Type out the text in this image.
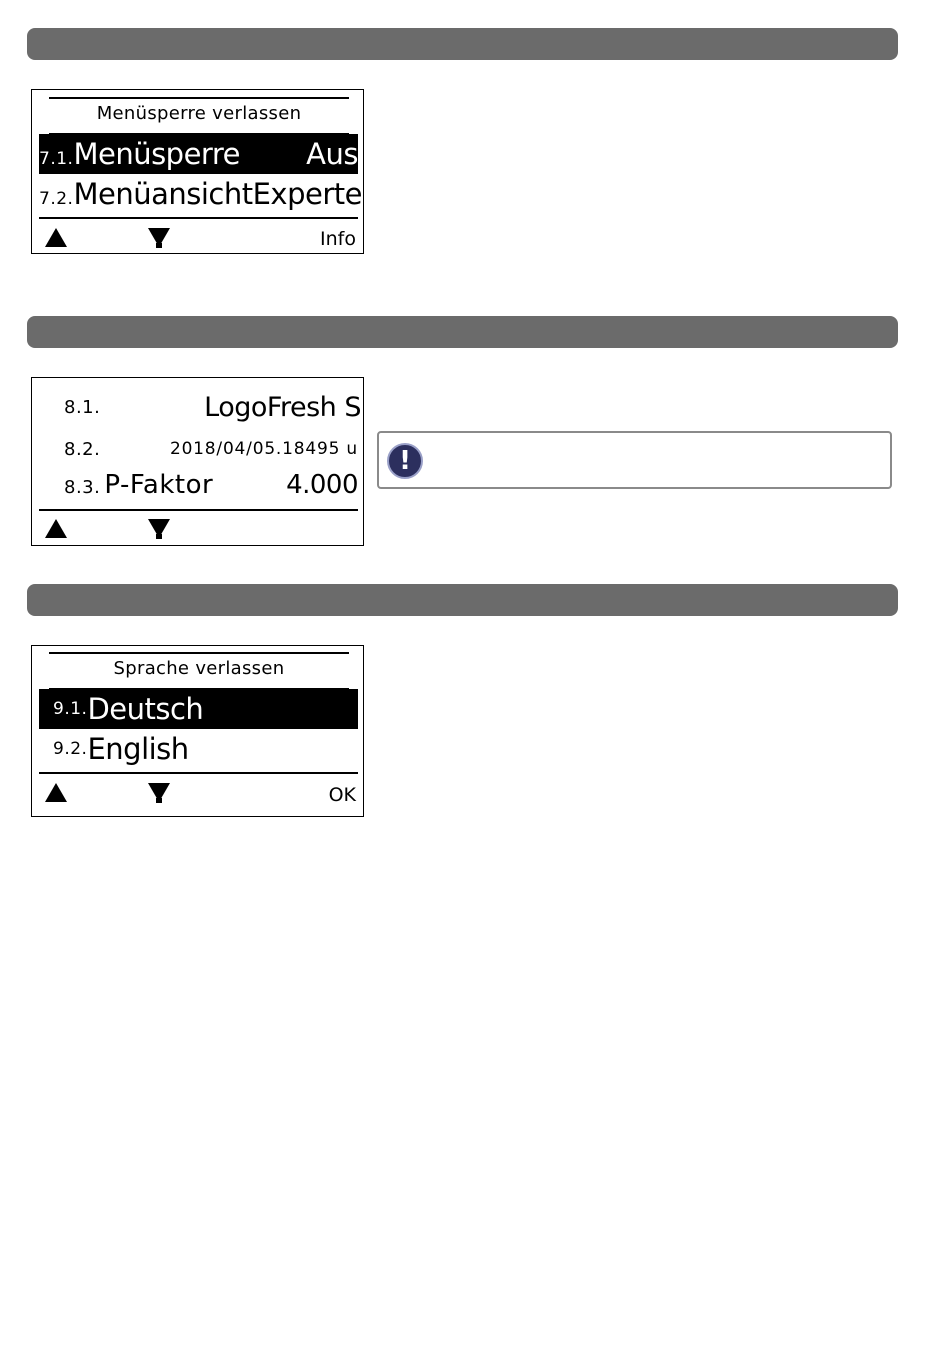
Menüsperre verlassen
7.1.Menüsperre Aus
7.2.Menüansicht Experte
Info
8.1.	LogoFresh S
8.2.	2018/04/05.18495 u
8.3. P-Faktor	4.000
!
Sprache verlassen
9.1. Deutsch
9.2. English
OK
